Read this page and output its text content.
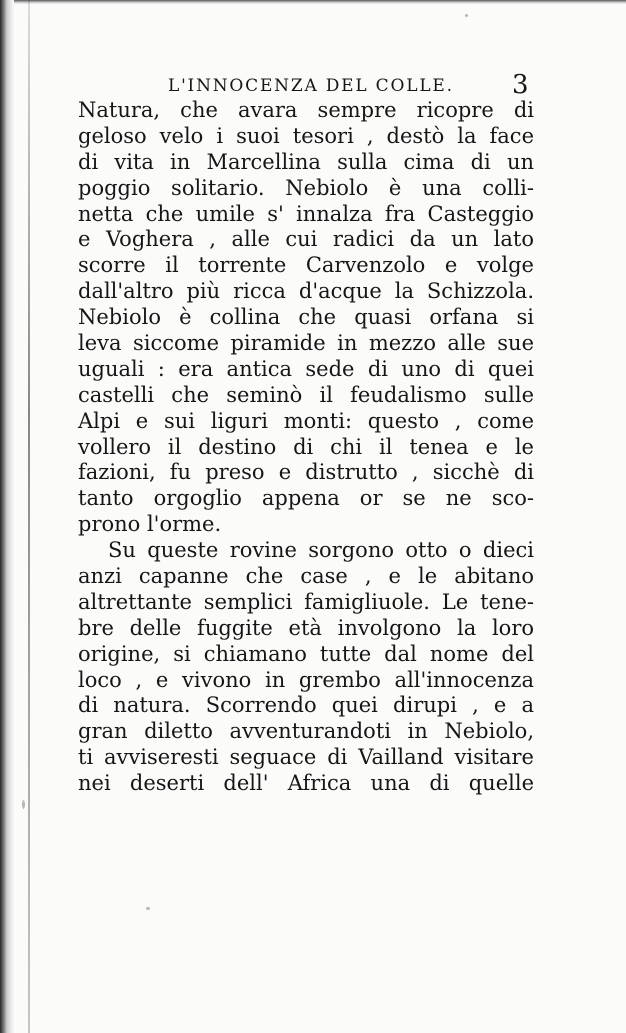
L'INNOCENZA DEL COLLE.	3
Natura, che avara sempre ricopre di
geloso velo i suoi tesori , destò la face
di vita in Marcellina sulla cima di un
poggio solitario. Nebiolo è una colli-
netta che umile s' innalza fra Casteggio
e Voghera , alle cui radici da un lato
scorre il torrente Carvenzolo e volge
dall'altro più ricca d'acque la Schizzola.
Nebiolo è collina che quasi orfana si
leva siccome piramide in mezzo alle sue
uguali : era antica sede di uno di quei
castelli che seminò il feudalismo sulle
Alpi e sui liguri monti: questo , come
vollero il destino di chi il tenea e le
fazioni, fu preso e distrutto , sicchè di
tanto orgoglio appena or se ne sco-
prono l'orme.
Su queste rovine sorgono otto o dieci
anzi capanne che case , e le abitano
altrettante semplici famigliuole. Le tene-
bre delle fuggite età involgono la loro
origine, si chiamano tutte dal nome del
loco , e vivono in grembo all'innocenza
di natura. Scorrendo quei dirupi , e a
gran diletto avventurandoti in Nebiolo,
ti avviseresti seguace di Vailland visitare
nei deserti dell' Africa una di quelle
